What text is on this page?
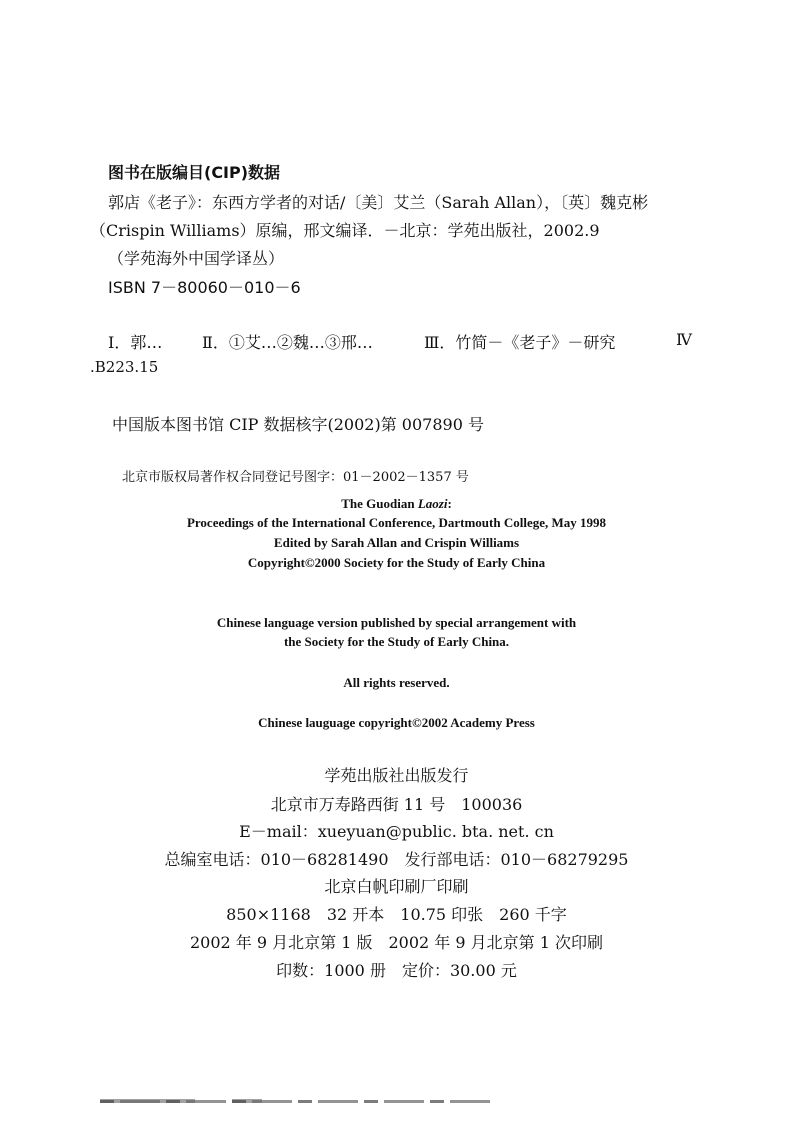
图书在版编目(CIP)数据

郭店《老子》：东西方学者的对话/〔美〕艾兰（Sarah Allan），〔英〕魏克彬

（Crispin Williams）原编，邢文编译．－北京：学苑出版社，2002.9

（学苑海外中国学译丛）

ISBN 7－80060－010－6

Ⅰ．郭… Ⅱ．①艾…②魏…③邢…	Ⅲ．竹简－《老子》－研究	Ⅳ

.B223.15

中国版本图书馆 CIP 数据核字(2002)第 007890 号

北京市版权局著作权合同登记号图字：01－2002－1357 号

The Guodian Laozi:

Proceedings of the International Conference, Dartmouth College, May 1998

Edited by Sarah Allan and Crispin Williams

Copyright©2000 Society for the Study of Early China

Chinese language version published by special arrangement with

the Society for the Study of Early China.

All rights reserved.

Chinese lauguage copyright©2002 Academy Press

学苑出版社出版发行

北京市万寿路西街 11 号　100036

E－mail：xueyuan@public. bta. net. cn

总编室电话：010－68281490　发行部电话：010－68279295

北京白帆印刷厂印刷

850×1168　32 开本　10.75 印张　260 千字

2002 年 9 月北京第 1 版　2002 年 9 月北京第 1 次印刷

印数：1000 册　定价：30.00 元
